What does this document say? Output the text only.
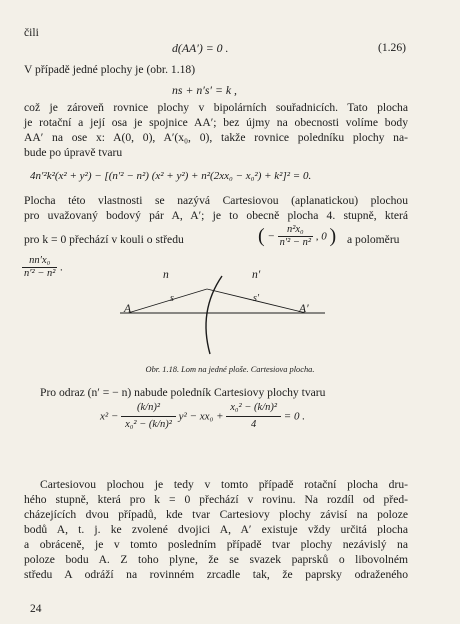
čili
d(AA′) = 0 .	(1.26)
V případě jedné plochy je (obr. 1.18)
ns + n′s′ = k ,
což je zároveň rovnice plochy v bipolárních souřadnicích. Tato plocha
je rotační a její osa je spojnice AA′; bez újmy na obecnosti volíme body
AA′ na ose x: A(0, 0), A′(x₀, 0), takže rovnice poledníku plochy na-
bude po úpravě tvaru
4n′²k²(x² + y²) − [(n′² − n²) (x² + y²) + n²(2xx₀ − x₀²) + k²]² = 0.
Plocha této vlastnosti se nazývá Cartesiovou (aplanatickou) plochou
pro uvažovaný bodový pár A, A′; je to obecně plocha 4. stupně, která
pro k = 0 přechází v kouli o středu	( − $\frac{\text{n²x₀}}{\text{n′² − n²}}$ , 0 ) a poloměru
$\frac{\text{nn′x₀}}{\text{n′² − n²}}$ .
n	n′
s	s′
A	A′
Obr. 1.18. Lom na jedné ploše. Cartesiova plocha.
Pro odraz (n′ = − n) nabude poledník Cartesiovy plochy tvaru
$x^2 - \frac{\text{(k/n)²}}{\text{x₀² − (k/n)²}} y^2 - xx_0 + \frac{\text{x₀² − (k/n)²}}{4} = 0$ .
Cartesiovou plochou je tedy v tomto případě rotační plocha dru-
hého stupně, která pro k = 0 přechází v rovinu. Na rozdíl od před-
cházejících dvou případů, kde tvar Cartesiovy plochy závisí na poloze
bodů A, t. j. ke zvolené dvojici A, A′ existuje vždy určitá plocha
a obráceně, je v tomto posledním případě tvar plochy nezávislý na
poloze bodu A. Z toho plyne, že se svazek paprsků o libovolném
středu A odráží na rovinném zrcadle tak, že paprsky odraženého
24
